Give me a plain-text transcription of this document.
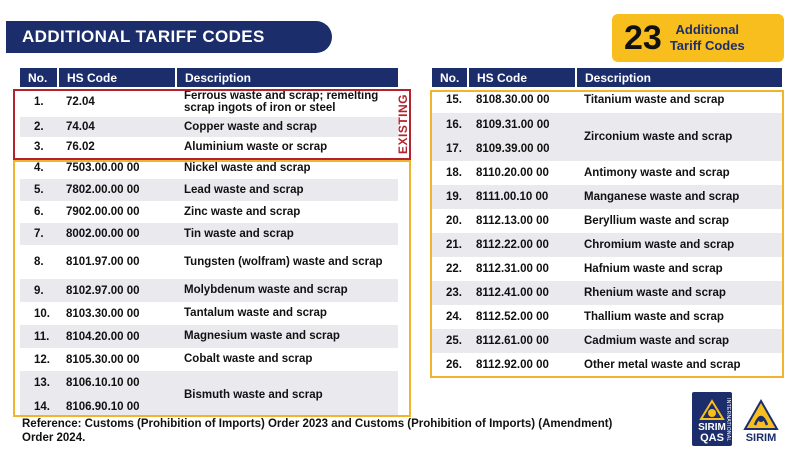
ADDITIONAL TARIFF CODES	23	Additional
Tariff Codes
No.	HS Code	Description
1.	72.04	Ferrous waste and scrap; remelting scrap ingots of iron or steel
2.	74.04	Copper waste and scrap
3.	76.02	Aluminium waste or scrap
4.	7503.00.00 00	Nickel waste and scrap
5.	7802.00.00 00	Lead waste and scrap
6.	7902.00.00 00	Zinc waste and scrap
7.	8002.00.00 00	Tin waste and scrap
8.	8101.97.00 00	Tungsten (wolfram) waste and scrap
9.	8102.97.00 00	Molybdenum waste and scrap
10.	8103.30.00 00	Tantalum waste and scrap
11.	8104.20.00 00	Magnesium waste and scrap
12.	8105.30.00 00	Cobalt waste and scrap
13.	8106.10.10 00	Bismuth waste and scrap
14.	8106.90.10 00	
EXISTING
No.	HS Code	Description
15.	8108.30.00 00	Titanium waste and scrap
16.	8109.31.00 00	Zirconium waste and scrap
17.	8109.39.00 00	
18.	8110.20.00 00	Antimony waste and scrap
19.	8111.00.10 00	Manganese waste and scrap
20.	8112.13.00 00	Beryllium waste and scrap
21.	8112.22.00 00	Chromium waste and scrap
22.	8112.31.00 00	Hafnium waste and scrap
23.	8112.41.00 00	Rhenium waste and scrap
24.	8112.52.00 00	Thallium waste and scrap
25.	8112.61.00 00	Cadmium waste and scrap
26.	8112.92.00 00	Other metal waste and scrap

Reference: Customs (Prohibition of Imports) Order 2023 and Customs (Prohibition of Imports) (Amendment) Order 2024.	INTERNATIONAL
SIRIM
QAS SIRIM
